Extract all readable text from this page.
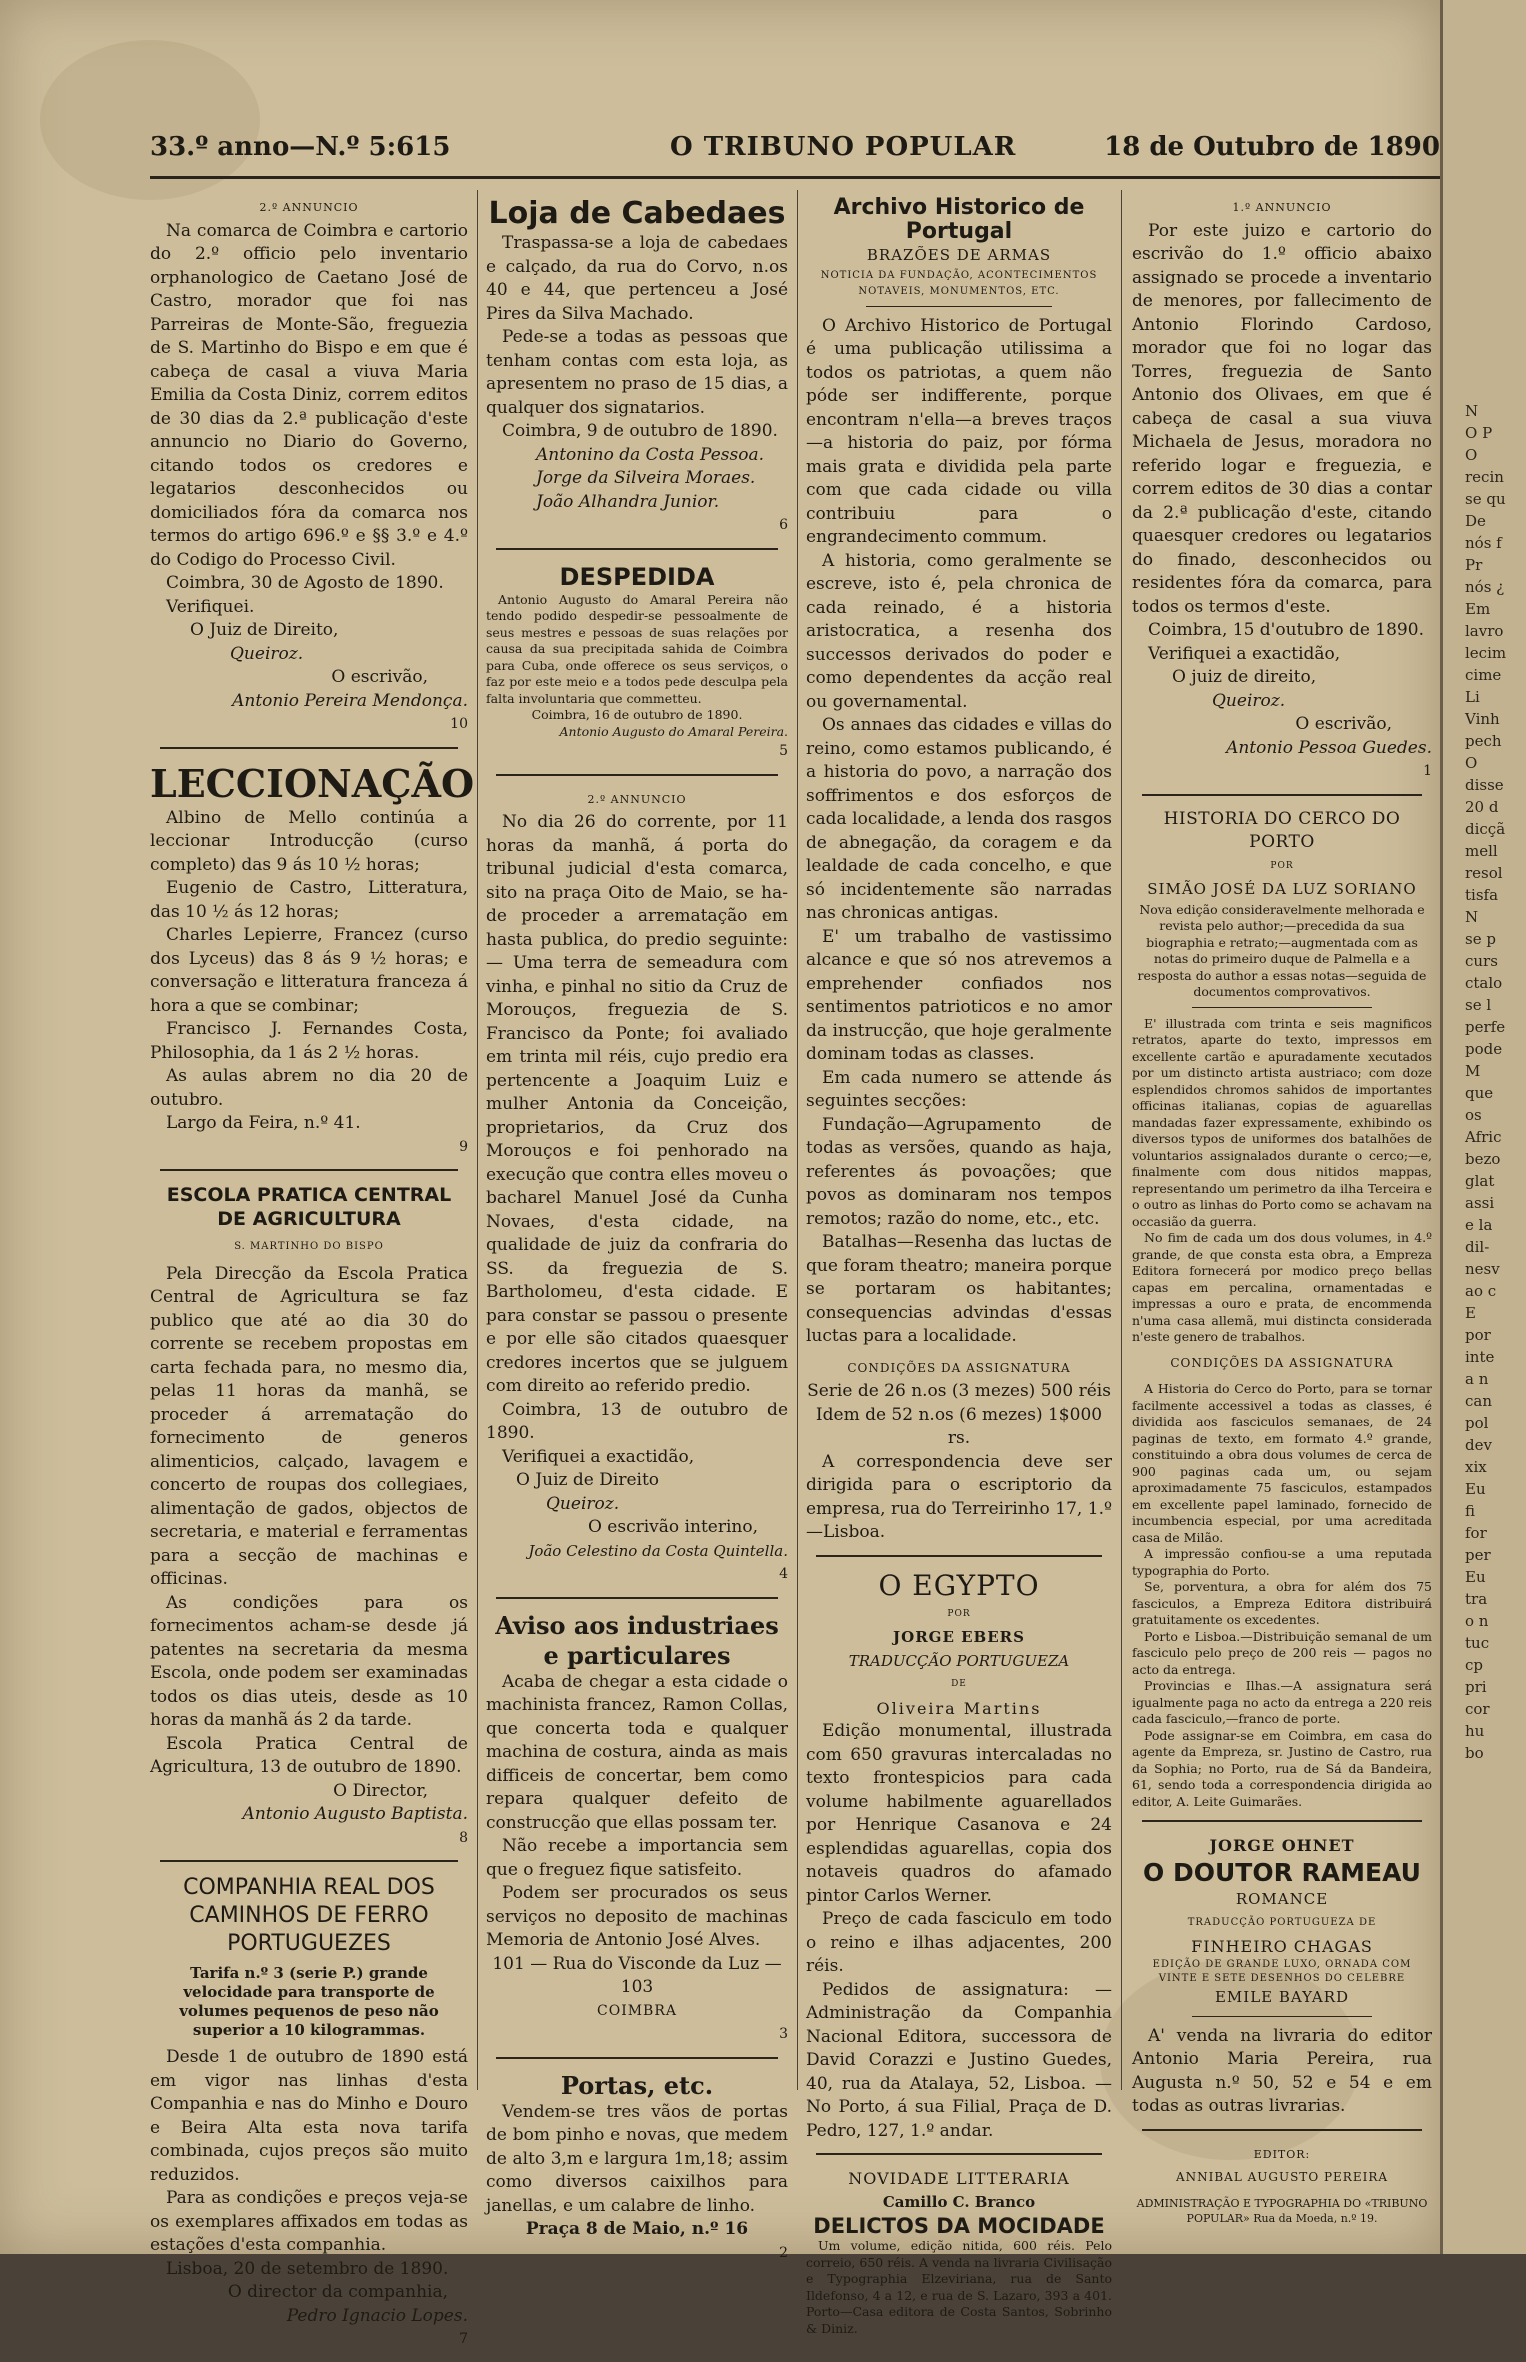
33.º anno—N.º 5:615	O TRIBUNO POPULAR	18 de Outubro de 1890
2.º ANNUNCIO

Na comarca de Coimbra e cartorio do 2.º officio pelo inventario orphanologico de Caetano José de Castro, morador que foi nas Parreiras de Monte-São, freguezia de S. Martinho do Bispo e em que é cabeça de casal a viuva Maria Emilia da Costa Diniz, correm editos de 30 dias da 2.ª publicação d'este annuncio no Diario do Governo, citando todos os credores e legatarios desconhecidos ou domiciliados fóra da comarca nos termos do artigo 696.º e §§ 3.º e 4.º do Codigo do Processo Civil.

Coimbra, 30 de Agosto de 1890.

Verifiquei.

O Juiz de Direito,

Queiroz.

O escrivão,
Antonio Pereira Mendonça.
10
LECCIONAÇÃO

Albino de Mello continúa a leccionar Introducção (curso completo) das 9 ás 10 ½ horas;

Eugenio de Castro, Litteratura, das 10 ½ ás 12 horas;

Charles Lepierre, Francez (curso dos Lyceus) das 8 ás 9 ½ horas; e conversação e litteratura franceza á hora a que se combinar;

Francisco J. Fernandes Costa, Philosophia, da 1 ás 2 ½ horas.

As aulas abrem no dia 20 de outubro.

Largo da Feira, n.º 41.

9
ESCOLA PRATICA CENTRAL DE AGRICULTURA
S. MARTINHO DO BISPO

Pela Direcção da Escola Pratica Central de Agricultura se faz publico que até ao dia 30 do corrente se recebem propostas em carta fechada para, no mesmo dia, pelas 11 horas da manhã, se proceder á arrematação do fornecimento de generos alimenticios, calçado, lavagem e concerto de roupas dos collegiaes, alimentação de gados, objectos de secretaria, e material e ferramentas para a secção de machinas e officinas.

As condições para os fornecimentos acham-se desde já patentes na secretaria da mesma Escola, onde podem ser examinadas todos os dias uteis, desde as 10 horas da manhã ás 2 da tarde.

Escola Pratica Central de Agricultura, 13 de outubro de 1890.

O Director,
Antonio Augusto Baptista.
8
COMPANHIA REAL DOS CAMINHOS DE FERRO PORTUGUEZES
Tarifa n.º 3 (serie P.) grande velocidade para transporte de volumes pequenos de peso não superior a 10 kilogrammas.

Desde 1 de outubro de 1890 está em vigor nas linhas d'esta Companhia e nas do Minho e Douro e Beira Alta esta nova tarifa combinada, cujos preços são muito reduzidos.

Para as condições e preços veja-se os exemplares affixados em todas as estações d'esta companhia.

Lisboa, 20 de setembro de 1890.

O director da companhia,
Pedro Ignacio Lopes.
7
Loja de Cabedaes

Traspassa-se a loja de cabedaes e calçado, da rua do Corvo, n.os 40 e 44, que pertenceu a José Pires da Silva Machado.

Pede-se a todas as pessoas que tenham contas com esta loja, as apresentem no praso de 15 dias, a qualquer dos signatarios.

Coimbra, 9 de outubro de 1890.

Antonino da Costa Pessoa.

Jorge da Silveira Moraes.

João Alhandra Junior.

6
DESPEDIDA

Antonio Augusto do Amaral Pereira não tendo podido despedir-se pessoalmente de seus mestres e pessoas de suas relações por causa da sua precipitada sahida de Coimbra para Cuba, onde offerece os seus serviços, o faz por este meio e a todos pede desculpa pela falta involuntaria que commetteu.

Coimbra, 16 de outubro de 1890.
Antonio Augusto do Amaral Pereira.
5
2.º ANNUNCIO

No dia 26 do corrente, por 11 horas da manhã, á porta do tribunal judicial d'esta comarca, sito na praça Oito de Maio, se ha-de proceder a arrematação em hasta publica, do predio seguinte:— Uma terra de semeadura com vinha, e pinhal no sitio da Cruz de Morouços, freguezia de S. Francisco da Ponte; foi avaliado em trinta mil réis, cujo predio era pertencente a Joaquim Luiz e mulher Antonia da Conceição, proprietarios, da Cruz dos Morouços e foi penhorado na execução que contra elles moveu o bacharel Manuel José da Cunha Novaes, d'esta cidade, na qualidade de juiz da confraria do SS. da freguezia de S. Bartholomeu, d'esta cidade. E para constar se passou o presente e por elle são citados quaesquer credores incertos que se julguem com direito ao referido predio.

Coimbra, 13 de outubro de 1890.

Verifiquei a exactidão,

O Juiz de Direito

Queiroz.

O escrivão interino,
João Celestino da Costa Quintella.
4
Aviso aos industriaes e particulares

Acaba de chegar a esta cidade o machinista francez, Ramon Collas, que concerta toda e qualquer machina de costura, ainda as mais difficeis de concertar, bem como repara qualquer defeito de construcção que ellas possam ter.

Não recebe a importancia sem que o freguez fique satisfeito.

Podem ser procurados os seus serviços no deposito de machinas Memoria de Antonio José Alves.

101 — Rua do Visconde da Luz — 103
COIMBRA
3
Portas, etc.

Vendem-se tres vãos de portas de bom pinho e novas, que medem de alto 3,m e largura 1m,18; assim como diversos caixilhos para janellas, e um calabre de linho.

Praça 8 de Maio, n.º 16
2
Archivo Historico de Portugal
BRAZÕES DE ARMAS
NOTICIA DA FUNDAÇÃO, ACONTECIMENTOS NOTAVEIS, MONUMENTOS, ETC.

O Archivo Historico de Portugal é uma publicação utilissima a todos os patriotas, a quem não póde ser indifferente, porque encontram n'ella—a breves traços—a historia do paiz, por fórma mais grata e dividida pela parte com que cada cidade ou villa contribuiu para o engrandecimento commum.

A historia, como geralmente se escreve, isto é, pela chronica de cada reinado, é a historia aristocratica, a resenha dos successos derivados do poder e como dependentes da acção real ou governamental.

Os annaes das cidades e villas do reino, como estamos publicando, é a historia do povo, a narração dos soffrimentos e dos esforços de cada localidade, a lenda dos rasgos de abnegação, da coragem e da lealdade de cada concelho, e que só incidentemente são narradas nas chronicas antigas.

E' um trabalho de vastissimo alcance e que só nos atrevemos a emprehender confiados nos sentimentos patrioticos e no amor da instrucção, que hoje geralmente dominam todas as classes.

Em cada numero se attende ás seguintes secções:

Fundação—Agrupamento de todas as versões, quando as haja, referentes ás povoações; que povos as dominaram nos tempos remotos; razão do nome, etc., etc.

Batalhas—Resenha das luctas de que foram theatro; maneira porque se portaram os habitantes; consequencias advindas d'essas luctas para a localidade.

CONDIÇÕES DA ASSIGNATURA
Serie de 26 n.os (3 mezes) 500 réis
Idem de 52 n.os (6 mezes) 1$000 rs.

A correspondencia deve ser dirigida para o escriptorio da empresa, rua do Terreirinho 17, 1.º—Lisboa.

O EGYPTO
POR
JORGE EBERS
TRADUCÇÃO PORTUGUEZA
DE
Oliveira Martins

Edição monumental, illustrada com 650 gravuras intercaladas no texto frontespicios para cada volume habilmente aguarellados por Henrique Casanova e 24 esplendidas aguarellas, copia dos notaveis quadros do afamado pintor Carlos Werner.

Preço de cada fasciculo em todo o reino e ilhas adjacentes, 200 réis.

Pedidos de assignatura: — Administração da Companhia Nacional Editora, successora de David Corazzi e Justino Guedes, 40, rua da Atalaya, 52, Lisboa. — No Porto, á sua Filial, Praça de D. Pedro, 127, 1.º andar.

NOVIDADE LITTERARIA
Camillo C. Branco
DELICTOS DA MOCIDADE

Um volume, edição nitida, 600 réis. Pelo correio, 650 réis. A venda na livraria Civilisação e Typographia Elzeviriana, rua de Santo Ildefonso, 4 a 12, e rua de S. Lazaro, 393 a 401. Porto—Casa editora de Costa Santos, Sobrinho & Diniz.

1.º ANNUNCIO

Por este juizo e cartorio do escrivão do 1.º officio abaixo assignado se procede a inventario de menores, por fallecimento de Antonio Florindo Cardoso, morador que foi no logar das Torres, freguezia de Santo Antonio dos Olivaes, em que é cabeça de casal a sua viuva Michaela de Jesus, moradora no referido logar e freguezia, e correm editos de 30 dias a contar da 2.ª publicação d'este, citando quaesquer credores ou legatarios do finado, desconhecidos ou residentes fóra da comarca, para todos os termos d'este.

Coimbra, 15 d'outubro de 1890.

Verifiquei a exactidão,

O juiz de direito,

Queiroz.

O escrivão,
Antonio Pessoa Guedes.
1
HISTORIA DO CERCO DO PORTO
POR
SIMÃO JOSÉ DA LUZ SORIANO
Nova edição consideravelmente melhorada e revista pelo author;—precedida da sua biographia e retrato;—augmentada com as notas do primeiro duque de Palmella e a resposta do author a essas notas—seguida de documentos comprovativos.

E' illustrada com trinta e seis magnificos retratos, aparte do texto, impressos em excellente cartão e apuradamente xecutados por um distincto artista austriaco; com doze esplendidos chromos sahidos de importantes officinas italianas, copias de aguarellas mandadas fazer expressamente, exhibindo os diversos typos de uniformes dos batalhões de voluntarios assignalados durante o cerco;—e, finalmente com dous nitidos mappas, representando um perimetro da ilha Terceira e o outro as linhas do Porto como se achavam na occasião da guerra.

No fim de cada um dos dous volumes, in 4.º grande, de que consta esta obra, a Empreza Editora fornecerá por modico preço bellas capas em percalina, ornamentadas e impressas a ouro e prata, de encommenda n'uma casa allemã, mui distincta considerada n'este genero de trabalhos.

CONDIÇÕES DA ASSIGNATURA

A Historia do Cerco do Porto, para se tornar facilmente accessivel a todas as classes, é dividida aos fasciculos semanaes, de 24 paginas de texto, em formato 4.º grande, constituindo a obra dous volumes de cerca de 900 paginas cada um, ou sejam aproximadamente 75 fasciculos, estampados em excellente papel laminado, fornecido de incumbencia especial, por uma acreditada casa de Milão.

A impressão confiou-se a uma reputada typographia do Porto.

Se, porventura, a obra for além dos 75 fasciculos, a Empreza Editora distribuirá gratuitamente os excedentes.

Porto e Lisboa.—Distribuição semanal de um fasciculo pelo preço de 200 reis — pagos no acto da entrega.

Provincias e Ilhas.—A assignatura será igualmente paga no acto da entrega a 220 reis cada fasciculo,—franco de porte.

Pode assignar-se em Coimbra, em casa do agente da Empreza, sr. Justino de Castro, rua da Sophia; no Porto, rua de Sá da Bandeira, 61, sendo toda a correspondencia dirigida ao editor, A. Leite Guimarães.

JORGE OHNET
O DOUTOR RAMEAU
ROMANCE
TRADUCÇÃO PORTUGUEZA DE
FINHEIRO CHAGAS
EDIÇÃO DE GRANDE LUXO, ORNADA COM VINTE E SETE DESENHOS DO CELEBRE
EMILE BAYARD

A' venda na livraria do editor Antonio Maria Pereira, rua Augusta n.º 50, 52 e 54 e em todas as outras livrarias.

EDITOR:
ANNIBAL AUGUSTO PEREIRA
ADMINISTRAÇÃO E TYPOGRAPHIA DO «TRIBUNO POPULAR» Rua da Moeda, n.º 19.
N
O P
O
recin
se qu
De
nós f
Pr
nós ¿
Em
lavro
lecim
cime
Li
Vinh
pech
O
disse
20 d
dicçã
mell
resol
tisfa
N
se p
curs
ctalo
se l
perfe
pode
M
que
os
Afric
bezo
glat
assi
e la
dil-
nesv
ao c
E
por
inte
a n
can
pol
dev
xix
Eu
fi
for
per
Eu
tra
o n
tuc
cp
pri
cor
hu
bo
